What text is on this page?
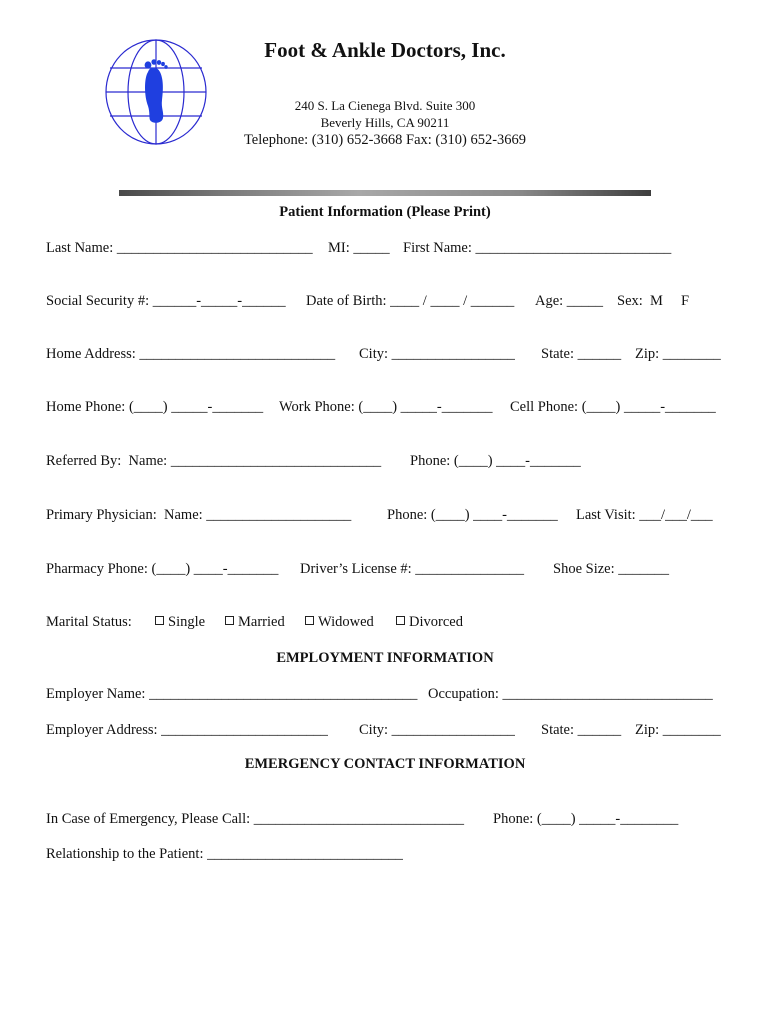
Foot & Ankle Doctors, Inc.
240 S. La Cienega Blvd. Suite 300
Beverly Hills, CA 90211
Telephone: (310) 652-3668 Fax: (310) 652-3669
Patient Information (Please Print)
Last Name: ___________________________ MI: _____ First Name: ___________________________
Social Security #: ______-_____-______ Date of Birth: ____ / ____ / ______ Age: _____ Sex:  M     F
Home Address: ___________________________ City: _________________ State: ______ Zip: ________
Home Phone: (____) _____-_______ Work Phone: (____) _____-_______ Cell Phone: (____) _____-_______
Referred By:  Name: _____________________________ Phone: (____) ____-_______
Primary Physician:  Name: ____________________ Phone: (____) ____-_______ Last Visit: ___/___/___
Pharmacy Phone: (____) ____-_______ Driver’s License #: _______________ Shoe Size: _______
Marital Status:	Single	Married	Widowed	Divorced
EMPLOYMENT INFORMATION
Employer Name: _____________________________________ Occupation: _____________________________
Employer Address: _______________________ City: _________________ State: ______ Zip: ________
EMERGENCY CONTACT INFORMATION
In Case of Emergency, Please Call: _____________________________ Phone: (____) _____-________
Relationship to the Patient: ___________________________
